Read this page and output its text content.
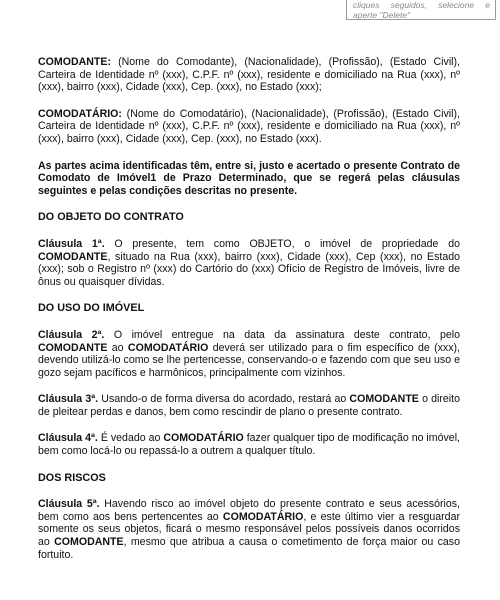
cliques seguidos, selecione e aperte "Delete"

COMODANTE: (Nome do Comodante), (Nacionalidade), (Profissão), (Estado Civil), Carteira de Identidade nº (xxx), C.P.F. nº (xxx), residente e domiciliado na Rua (xxx), nº (xxx), bairro (xxx), Cidade (xxx), Cep. (xxx), no Estado (xxx);

COMODATÁRIO: (Nome do Comodatário), (Nacionalidade), (Profissão), (Estado Civil), Carteira de Identidade nº (xxx), C.P.F. nº (xxx), residente e domiciliado na Rua (xxx), nº (xxx), bairro (xxx), Cidade (xxx), Cep. (xxx), no Estado (xxx).

As partes acima identificadas têm, entre si, justo e acertado o presente Contrato de Comodato de Imóvel1 de Prazo Determinado, que se regerá pelas cláusulas seguintes e pelas condições descritas no presente.

DO OBJETO DO CONTRATO

Cláusula 1ª. O presente, tem como OBJETO, o imóvel de propriedade do COMODANTE, situado na Rua (xxx), bairro (xxx), Cidade (xxx), Cep (xxx), no Estado (xxx); sob o Registro nº (xxx) do Cartório do (xxx) Ofício de Registro de Imóveis, livre de ônus ou quaisquer dívidas.

DO USO DO IMÓVEL

Cláusula 2ª. O imóvel entregue na data da assinatura deste contrato, pelo COMODANTE ao COMODATÁRIO deverá ser utilizado para o fim específico de (xxx), devendo utilizá-lo como se lhe pertencesse, conservando-o e fazendo com que seu uso e gozo sejam pacíficos e harmônicos, principalmente com vizinhos.

Cláusula 3ª. Usando-o de forma diversa do acordado, restará ao COMODANTE o direito de pleitear perdas e danos, bem como rescindir de plano o presente contrato.

Cláusula 4ª. É vedado ao COMODATÁRIO fazer qualquer tipo de modificação no imóvel, bem como locá-lo ou repassá-lo a outrem a qualquer título.

DOS RISCOS

Cláusula 5ª. Havendo risco ao imóvel objeto do presente contrato e seus acessórios, bem como aos bens pertencentes ao COMODATÁRIO, e este último vier a resguardar somente os seus objetos, ficará o mesmo responsável pelos possíveis danos ocorridos ao COMODANTE, mesmo que atribua a causa o cometimento de força maior ou caso fortuito.
